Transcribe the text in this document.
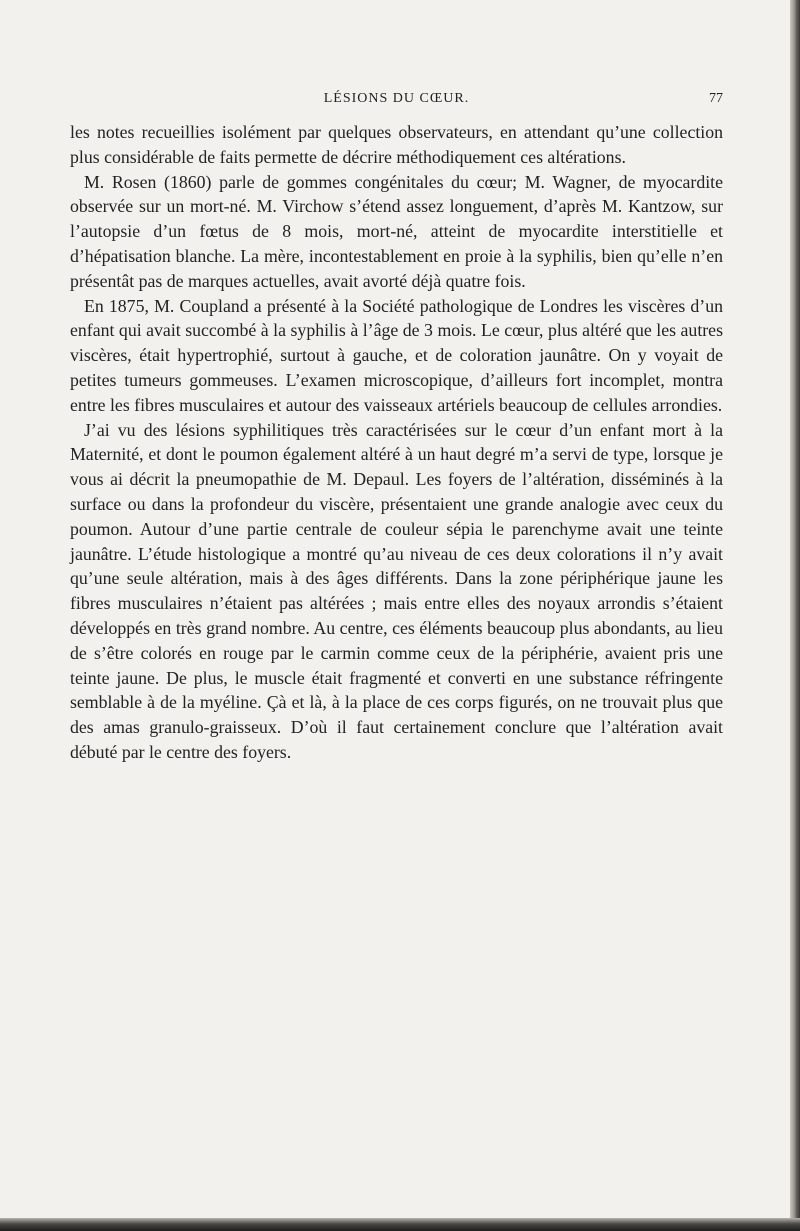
LÉSIONS DU CŒUR.	77

les notes recueillies isolément par quelques observateurs, en attendant qu’une collection plus considérable de faits permette de décrire méthodiquement ces altérations.

M. Rosen (1860) parle de gommes congénitales du cœur; M. Wagner, de myocardite observée sur un mort-né. M. Virchow s’étend assez longuement, d’après M. Kantzow, sur l’autopsie d’un fœtus de 8 mois, mort-né, atteint de myocardite interstitielle et d’hépatisation blanche. La mère, incontestablement en proie à la syphilis, bien qu’elle n’en présentât pas de marques actuelles, avait avorté déjà quatre fois.

En 1875, M. Coupland a présenté à la Société pathologique de Londres les viscères d’un enfant qui avait succombé à la syphilis à l’âge de 3 mois. Le cœur, plus altéré que les autres viscères, était hypertrophié, surtout à gauche, et de coloration jaunâtre. On y voyait de petites tumeurs gommeuses. L’examen microscopique, d’ailleurs fort incomplet, montra entre les fibres musculaires et autour des vaisseaux artériels beaucoup de cellules arrondies.

J’ai vu des lésions syphilitiques très caractérisées sur le cœur d’un enfant mort à la Maternité, et dont le poumon également altéré à un haut degré m’a servi de type, lorsque je vous ai décrit la pneumopathie de M. Depaul. Les foyers de l’altération, disséminés à la surface ou dans la profondeur du viscère, présentaient une grande analogie avec ceux du poumon. Autour d’une partie centrale de couleur sépia le parenchyme avait une teinte jaunâtre. L’étude histologique a montré qu’au niveau de ces deux colorations il n’y avait qu’une seule altération, mais à des âges différents. Dans la zone périphérique jaune les fibres musculaires n’étaient pas altérées ; mais entre elles des noyaux arrondis s’étaient développés en très grand nombre. Au centre, ces éléments beaucoup plus abondants, au lieu de s’être colorés en rouge par le carmin comme ceux de la périphérie, avaient pris une teinte jaune. De plus, le muscle était fragmenté et converti en une substance réfringente semblable à de la myéline. Çà et là, à la place de ces corps figurés, on ne trouvait plus que des amas granulo-graisseux. D’où il faut certainement conclure que l’altération avait débuté par le centre des foyers.
